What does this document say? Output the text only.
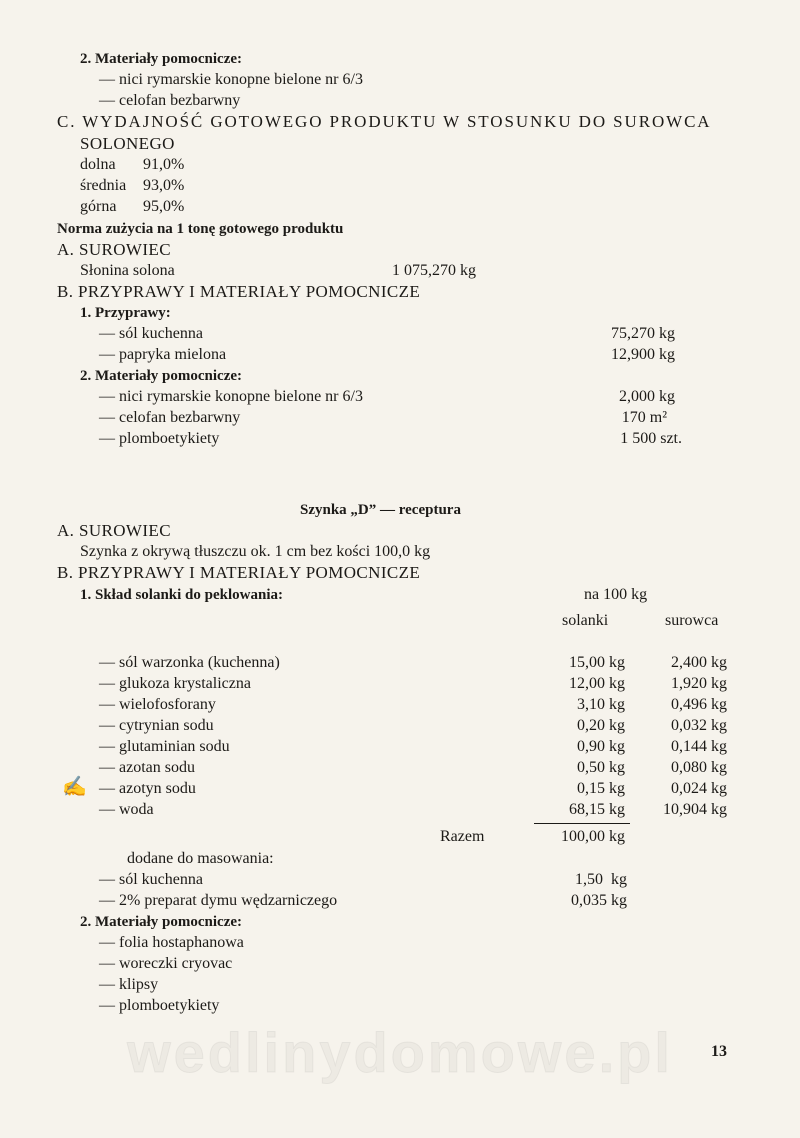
wedlinydomowe.pl
2. Materiały pomocnicze:
— nici rymarskie konopne bielone nr 6/3
— celofan bezbarwny
C. WYDAJNOŚĆ GOTOWEGO PRODUKTU W STOSUNKU DO SUROWCA
SOLONEGO
dolna 91,0%
średnia 93,0%
górna 95,0%
Norma zużycia na 1 tonę gotowego produktu
A. SUROWIEC
Słonina solona	1 075,270 kg
B. PRZYPRAWY I MATERIAŁY POMOCNICZE
1. Przyprawy:
— sól kuchenna	75,270 kg
— papryka mielona	12,900 kg
2. Materiały pomocnicze:
— nici rymarskie konopne bielone nr 6/3	2,000 kg
— celofan bezbarwny	170 m²
— plomboetykiety	1 500 szt.
Szynka „D” — receptura
A. SUROWIEC
Szynka z okrywą tłuszczu ok. 1 cm bez kości 100,0 kg
B. PRZYPRAWY I MATERIAŁY POMOCNICZE
1. Skład solanki do peklowania:	na 100 kg
solanki	surowca
— sól warzonka (kuchenna)	15,00 kg	2,400 kg
— glukoza krystaliczna	12,00 kg	1,920 kg
— wielofosforany	3,10 kg	0,496 kg
— cytrynian sodu	0,20 kg	0,032 kg
— glutaminian sodu	0,90 kg	0,144 kg
— azotan sodu	0,50 kg	0,080 kg
✍ — azotyn sodu	0,15 kg	0,024 kg
— woda	68,15 kg	10,904 kg
Razem	100,00 kg
dodane do masowania:
— sól kuchenna	1,50  kg
— 2% preparat dymu wędzarniczego	0,035 kg
2. Materiały pomocnicze:
— folia hostaphanowa
— woreczki cryovac
— klipsy
— plomboetykiety
13
